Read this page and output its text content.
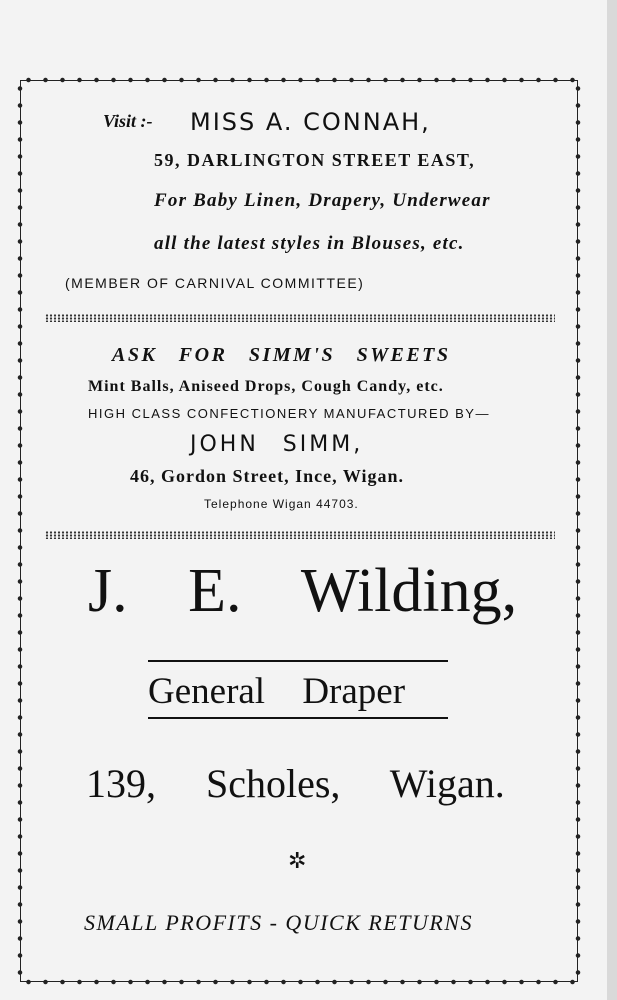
Visit :- MISS A. CONNAH,
59, DARLINGTON STREET EAST,
For Baby Linen, Drapery, Underwear
all the latest styles in Blouses, etc.
(MEMBER OF CARNIVAL COMMITTEE)
ASK FOR SIMM'S SWEETS
Mint Balls, Aniseed Drops, Cough Candy, etc.
HIGH CLASS CONFECTIONERY MANUFACTURED BY—
JOHN SIMM,
46, Gordon Street, Ince, Wigan.
Telephone Wigan 44703.
J. E. Wilding,
General Draper
139, Scholes, Wigan.
✲
SMALL PROFITS - QUICK RETURNS
